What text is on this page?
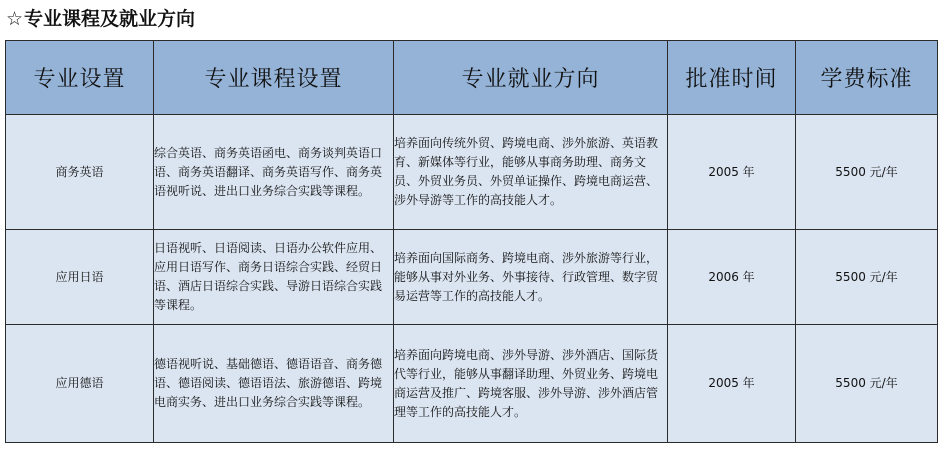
☆专业课程及就业方向
专业设置	专业课程设置	专业就业方向	批准时间	学费标准
商务英语	综合英语、商务英语函电、商务谈判英语口语、商务英语翻译、商务英语写作、商务英语视听说、进出口业务综合实践等课程。	培养面向传统外贸、跨境电商、涉外旅游、英语教育、新媒体等行业，能够从事商务助理、商务文员、外贸业务员、外贸单证操作、跨境电商运营、涉外导游等工作的高技能人才。	2005 年	5500 元/年
应用日语	日语视听、日语阅读、日语办公软件应用、应用日语写作、商务日语综合实践、经贸日语、酒店日语综合实践、导游日语综合实践等课程。	培养面向国际商务、跨境电商、涉外旅游等行业，能够从事对外业务、外事接待、行政管理、数字贸易运营等工作的高技能人才。	2006 年	5500 元/年
应用德语	德语视听说、基础德语、德语语音、商务德语、德语阅读、德语语法、旅游德语、跨境电商实务、进出口业务综合实践等课程。	培养面向跨境电商、涉外导游、涉外酒店、国际货代等行业，能够从事翻译助理、外贸业务、跨境电商运营及推广、跨境客服、涉外导游、涉外酒店管理等工作的高技能人才。	2005 年	5500 元/年
